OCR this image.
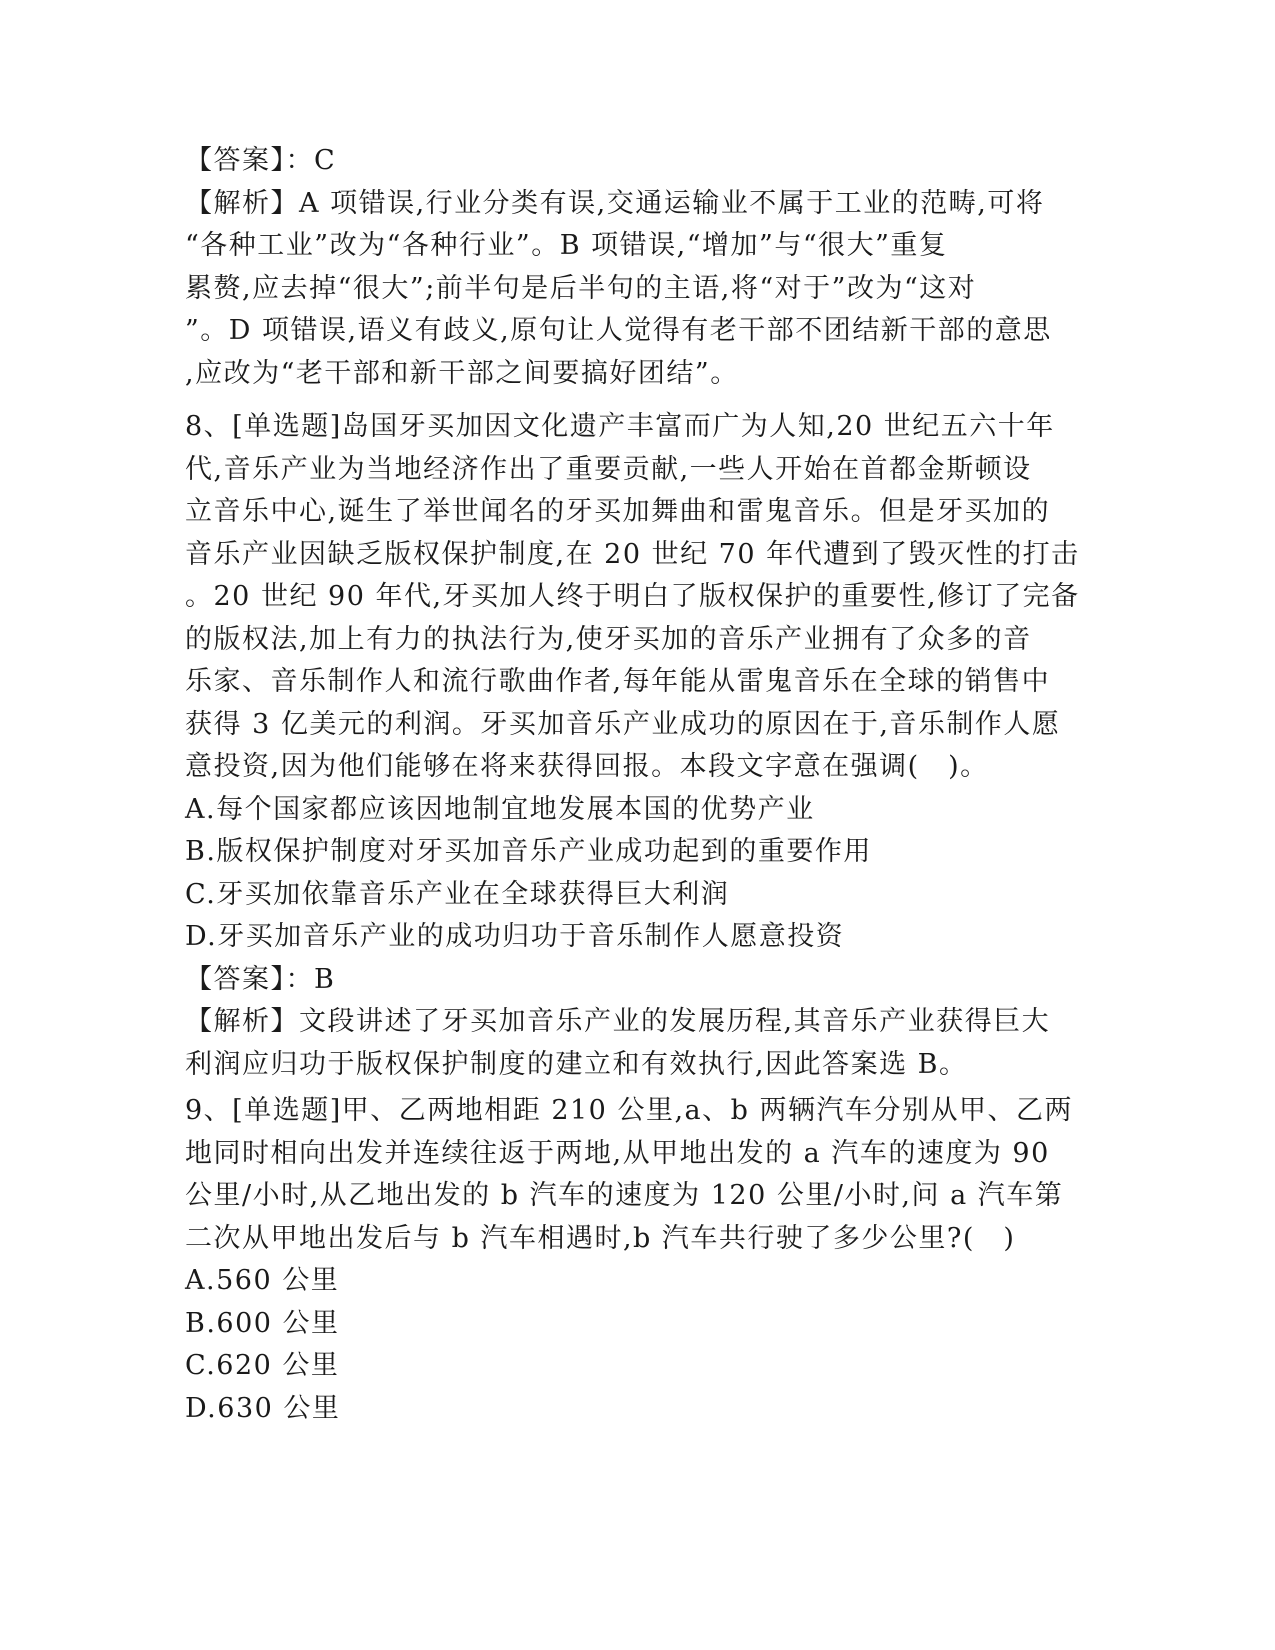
【答案】：C
【解析】A 项错误,行业分类有误,交通运输业不属于工业的范畴,可将
“各种工业”改为“各种行业”。B 项错误,“增加”与“很大”重复
累赘,应去掉“很大”;前半句是后半句的主语,将“对于”改为“这对
”。D 项错误,语义有歧义,原句让人觉得有老干部不团结新干部的意思
,应改为“老干部和新干部之间要搞好团结”。
8、[单选题]岛国牙买加因文化遗产丰富而广为人知,20 世纪五六十年
代,音乐产业为当地经济作出了重要贡献,一些人开始在首都金斯顿设
立音乐中心,诞生了举世闻名的牙买加舞曲和雷鬼音乐。但是牙买加的
音乐产业因缺乏版权保护制度,在 20 世纪 70 年代遭到了毁灭性的打击
。20 世纪 90 年代,牙买加人终于明白了版权保护的重要性,修订了完备
的版权法,加上有力的执法行为,使牙买加的音乐产业拥有了众多的音
乐家、音乐制作人和流行歌曲作者,每年能从雷鬼音乐在全球的销售中
获得 3 亿美元的利润。牙买加音乐产业成功的原因在于,音乐制作人愿
意投资,因为他们能够在将来获得回报。本段文字意在强调(　)。
A.每个国家都应该因地制宜地发展本国的优势产业
B.版权保护制度对牙买加音乐产业成功起到的重要作用
C.牙买加依靠音乐产业在全球获得巨大利润
D.牙买加音乐产业的成功归功于音乐制作人愿意投资
【答案】：B
【解析】文段讲述了牙买加音乐产业的发展历程,其音乐产业获得巨大
利润应归功于版权保护制度的建立和有效执行,因此答案选 B。
9、[单选题]甲、乙两地相距 210 公里,a、b 两辆汽车分别从甲、乙两
地同时相向出发并连续往返于两地,从甲地出发的 a 汽车的速度为 90
公里/小时,从乙地出发的 b 汽车的速度为 120 公里/小时,问 a 汽车第
二次从甲地出发后与 b 汽车相遇时,b 汽车共行驶了多少公里?(　)
A.560 公里
B.600 公里
C.620 公里
D.630 公里
